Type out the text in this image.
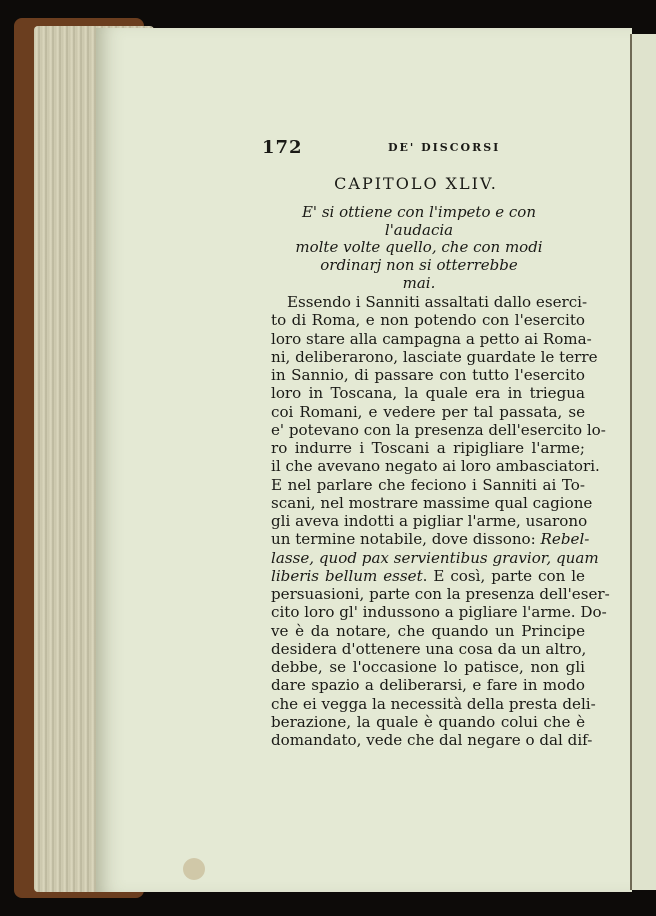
172	DE' DISCORSI
CAPITOLO XLIV.
E' si ottiene con l'impeto e con l'audacia
molte volte quello, che con modi
ordinarj non si otterrebbe
mai.
Essendo i Sanniti assaltati dallo eserci-
to di Roma, e non potendo con l'esercito
loro stare alla campagna a petto ai Roma-
ni, deliberarono, lasciate guardate le terre
in Sannio, di passare con tutto l'esercito
loro in Toscana, la quale era in triegua
coi Romani, e vedere per tal passata, se
e' potevano con la presenza dell'esercito lo-
ro indurre i Toscani a ripigliare l'arme;
il che avevano negato ai loro ambasciatori.
E nel parlare che feciono i Sanniti ai To-
scani, nel mostrare massime qual cagione
gli aveva indotti a pigliar l'arme, usarono
un termine notabile, dove dissono: Rebel-
lasse, quod pax servientibus gravior, quam
liberis bellum esset. E così, parte con le
persuasioni, parte con la presenza dell'eser-
cito loro gl' indussono a pigliare l'arme. Do-
ve è da notare, che quando un Principe
desidera d'ottenere una cosa da un altro,
debbe, se l'occasione lo patisce, non gli
dare spazio a deliberarsi, e fare in modo
che ei vegga la necessità della presta deli-
berazione, la quale è quando colui che è
domandato, vede che dal negare o dal dif-
